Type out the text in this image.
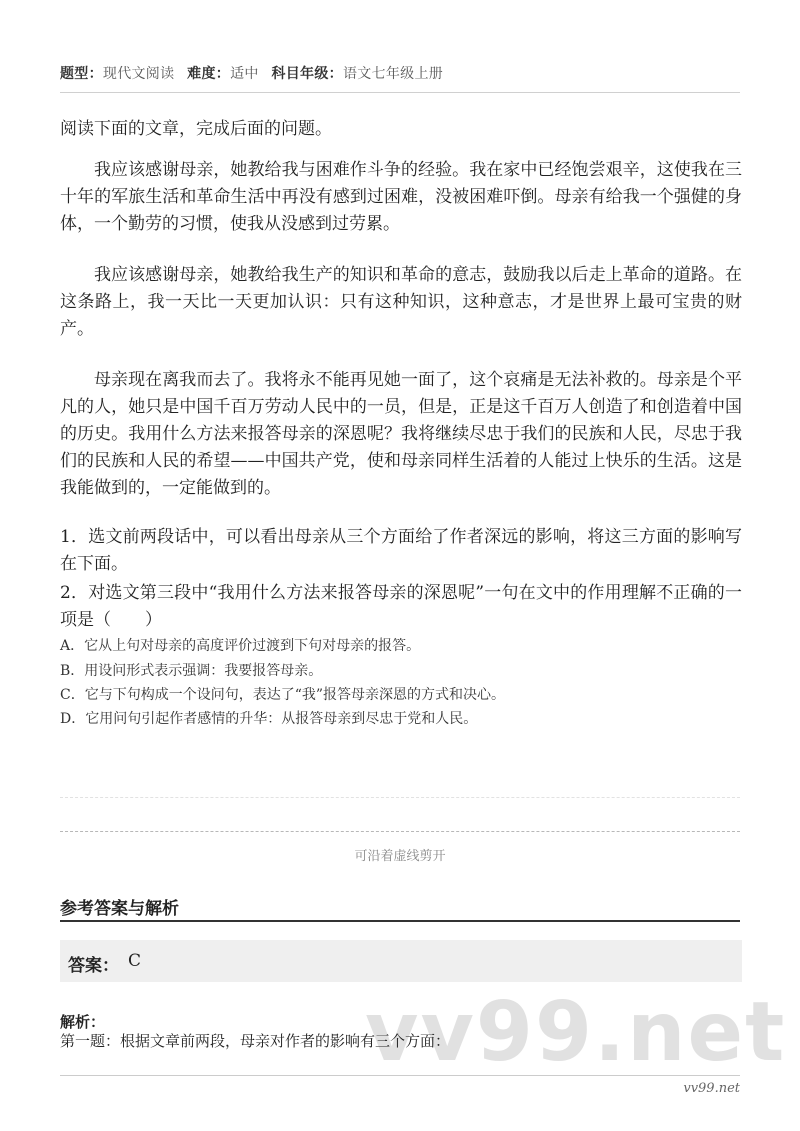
题型：现代文阅读 难度：适中 科目年级：语文七年级上册
阅读下面的文章，完成后面的问题。
我应该感谢母亲，她教给我与困难作斗争的经验。我在家中已经饱尝艰辛，这使我在三十年的军旅生活和革命生活中再没有感到过困难，没被困难吓倒。母亲有给我一个强健的身体，一个勤劳的习惯，使我从没感到过劳累。
我应该感谢母亲，她教给我生产的知识和革命的意志，鼓励我以后走上革命的道路。在这条路上，我一天比一天更加认识：只有这种知识，这种意志，才是世界上最可宝贵的财产。
母亲现在离我而去了。我将永不能再见她一面了，这个哀痛是无法补救的。母亲是个平凡的人，她只是中国千百万劳动人民中的一员，但是，正是这千百万人创造了和创造着中国的历史。我用什么方法来报答母亲的深恩呢？我将继续尽忠于我们的民族和人民，尽忠于我们的民族和人民的希望——中国共产党，使和母亲同样生活着的人能过上快乐的生活。这是我能做到的，一定能做到的。
1．选文前两段话中，可以看出母亲从三个方面给了作者深远的影响，将这三方面的影响写在下面。
2．对选文第三段中“我用什么方法来报答母亲的深恩呢”一句在文中的作用理解不正确的一项是（　　）
A．它从上句对母亲的高度评价过渡到下句对母亲的报答。
B．用设问形式表示强调：我要报答母亲。
C．它与下句构成一个设问句，表达了“我”报答母亲深恩的方式和决心。
D．它用问句引起作者感情的升华：从报答母亲到尽忠于党和人民。
可沿着虚线剪开
参考答案与解析
答案： C
vv99.net
解析：
第一题：根据文章前两段，母亲对作者的影响有三个方面：
vv99.net
